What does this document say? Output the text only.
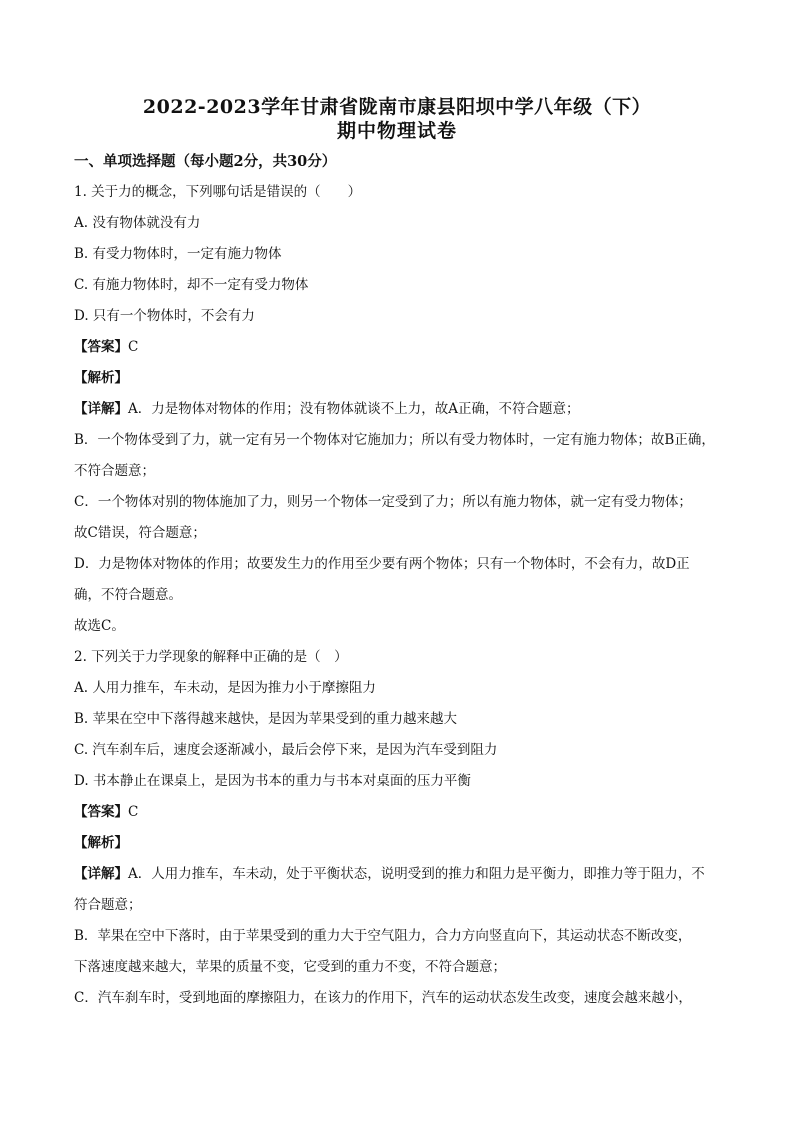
2022-2023学年甘肃省陇南市康县阳坝中学八年级（下）
期中物理试卷
一、单项选择题（每小题2分，共30分）
1. 关于力的概念，下列哪句话是错误的（　　）
A. 没有物体就没有力
B. 有受力物体时，一定有施力物体
C. 有施力物体时，却不一定有受力物体
D. 只有一个物体时，不会有力
【答案】C
【解析】
【详解】A．力是物体对物体的作用；没有物体就谈不上力，故A正确，不符合题意；
B．一个物体受到了力，就一定有另一个物体对它施加力；所以有受力物体时，一定有施力物体；故B正确，
不符合题意；
C．一个物体对别的物体施加了力，则另一个物体一定受到了力；所以有施力物体，就一定有受力物体；
故C错误，符合题意；
D．力是物体对物体的作用；故要发生力的作用至少要有两个物体；只有一个物体时，不会有力，故D正
确，不符合题意。
故选C。
2. 下列关于力学现象的解释中正确的是（　）
A. 人用力推车，车未动，是因为推力小于摩擦阻力
B. 苹果在空中下落得越来越快，是因为苹果受到的重力越来越大
C. 汽车刹车后，速度会逐渐减小，最后会停下来，是因为汽车受到阻力
D. 书本静止在课桌上，是因为书本的重力与书本对桌面的压力平衡
【答案】C
【解析】
【详解】A．人用力推车，车未动，处于平衡状态，说明受到的推力和阻力是平衡力，即推力等于阻力，不
符合题意；
B．苹果在空中下落时，由于苹果受到的重力大于空气阻力，合力方向竖直向下，其运动状态不断改变，
下落速度越来越大，苹果的质量不变，它受到的重力不变，不符合题意；
C．汽车刹车时，受到地面的摩擦阻力，在该力的作用下，汽车的运动状态发生改变，速度会越来越小，
